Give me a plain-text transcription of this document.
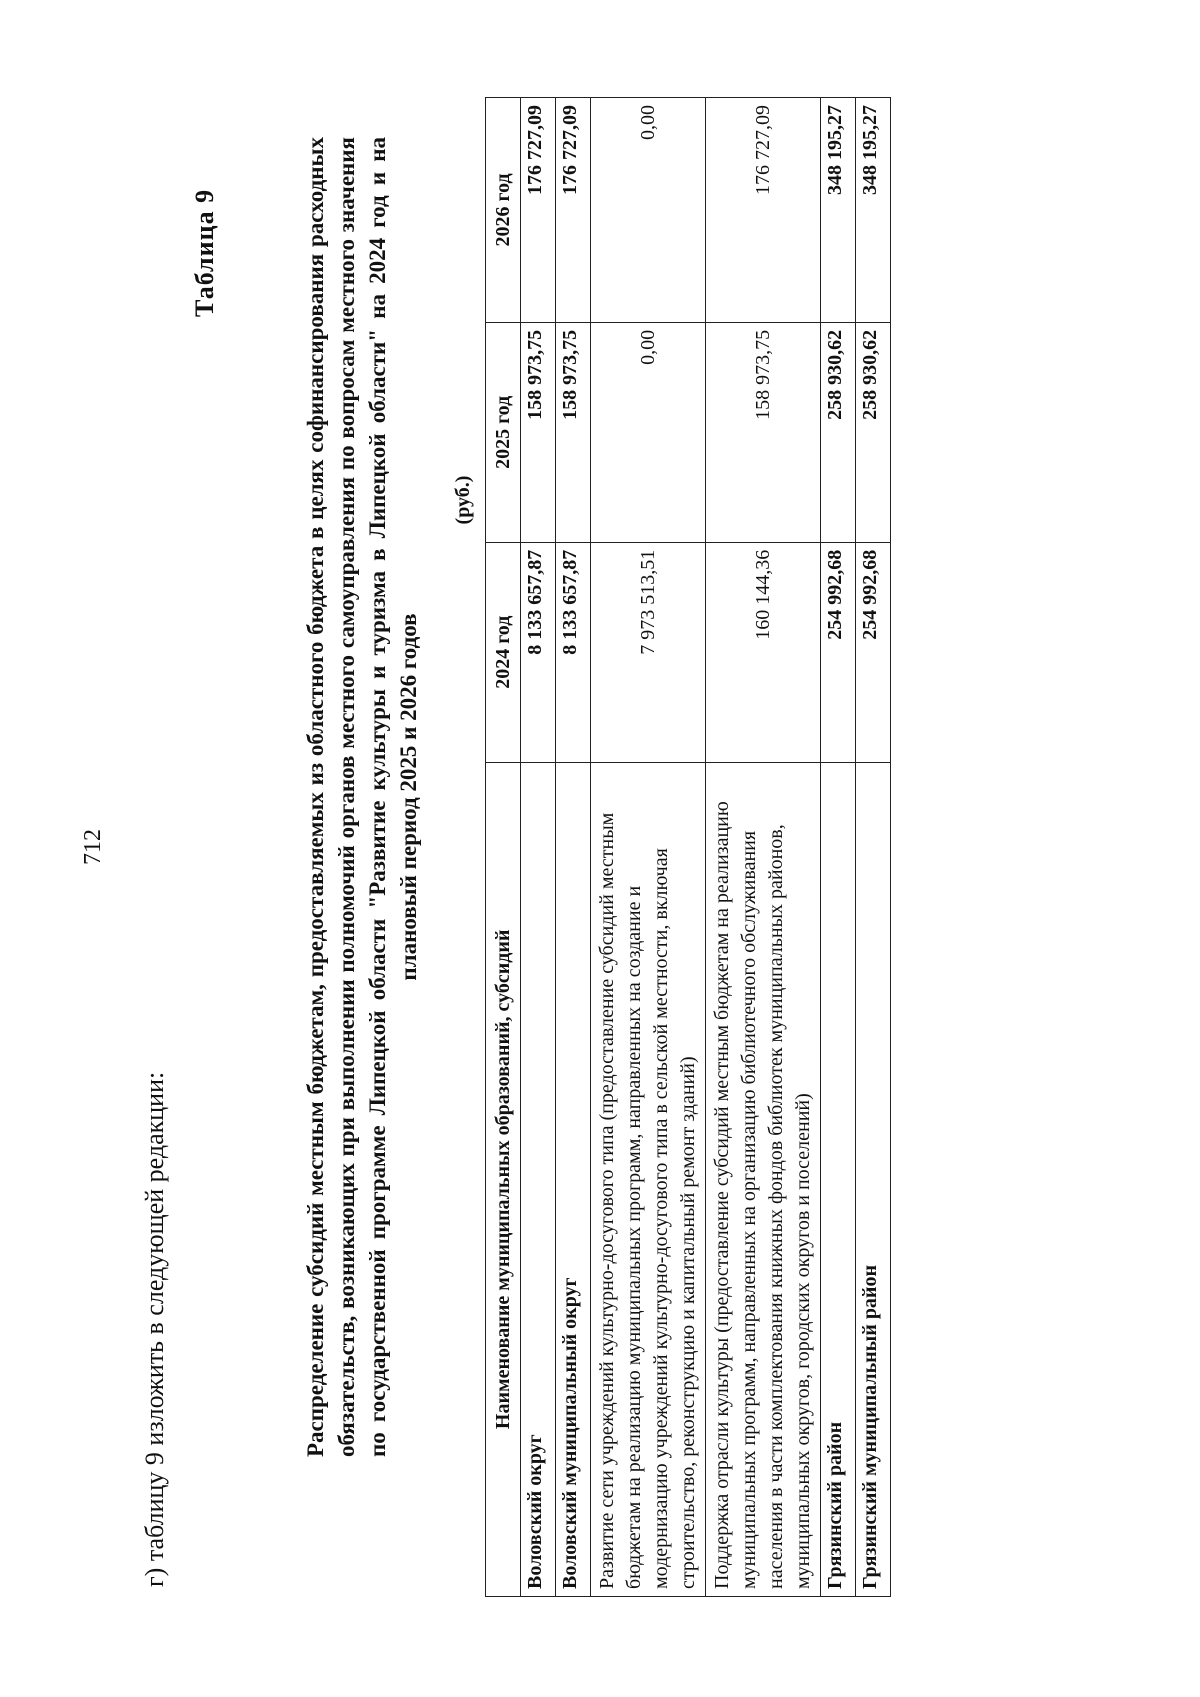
г) таблицу 9 изложить в следующей редакции:
712
Таблица 9	Распределение субсидий местным бюджетам, предоставляемых из областного бюджета в целях софинансирования расходных обязательств, возникающих при выполнении полномочий органов местного самоуправления по вопросам местного значения по государственной программе Липецкой области "Развитие культуры и туризма в Липецкой области" на 2024 год и на плановый период 2025 и 2026 годов
(руб.)
Наименование муниципальных образований, субсидий	2024 год	2025 год	2026 год
Воловский округ	8 133 657,87	158 973,75	176 727,09
Воловский муниципальный округ	8 133 657,87	158 973,75	176 727,09
Развитие сети учреждений культурно-досугового типа (предоставление субсидий местным бюджетам на реализацию муниципальных программ, направленных на создание и модернизацию учреждений культурно-досугового типа в сельской местности, включая строительство, реконструкцию и капитальный ремонт зданий)	7 973 513,51	0,00	0,00
Поддержка отрасли культуры (предоставление субсидий местным бюджетам на реализацию муниципальных программ, направленных на организацию библиотечного обслуживания населения в части комплектования книжных фондов библиотек муниципальных районов, муниципальных округов, городских округов и поселений)	160 144,36	158 973,75	176 727,09
Грязинский район	254 992,68	258 930,62	348 195,27
Грязинский муниципальный район	254 992,68	258 930,62	348 195,27
